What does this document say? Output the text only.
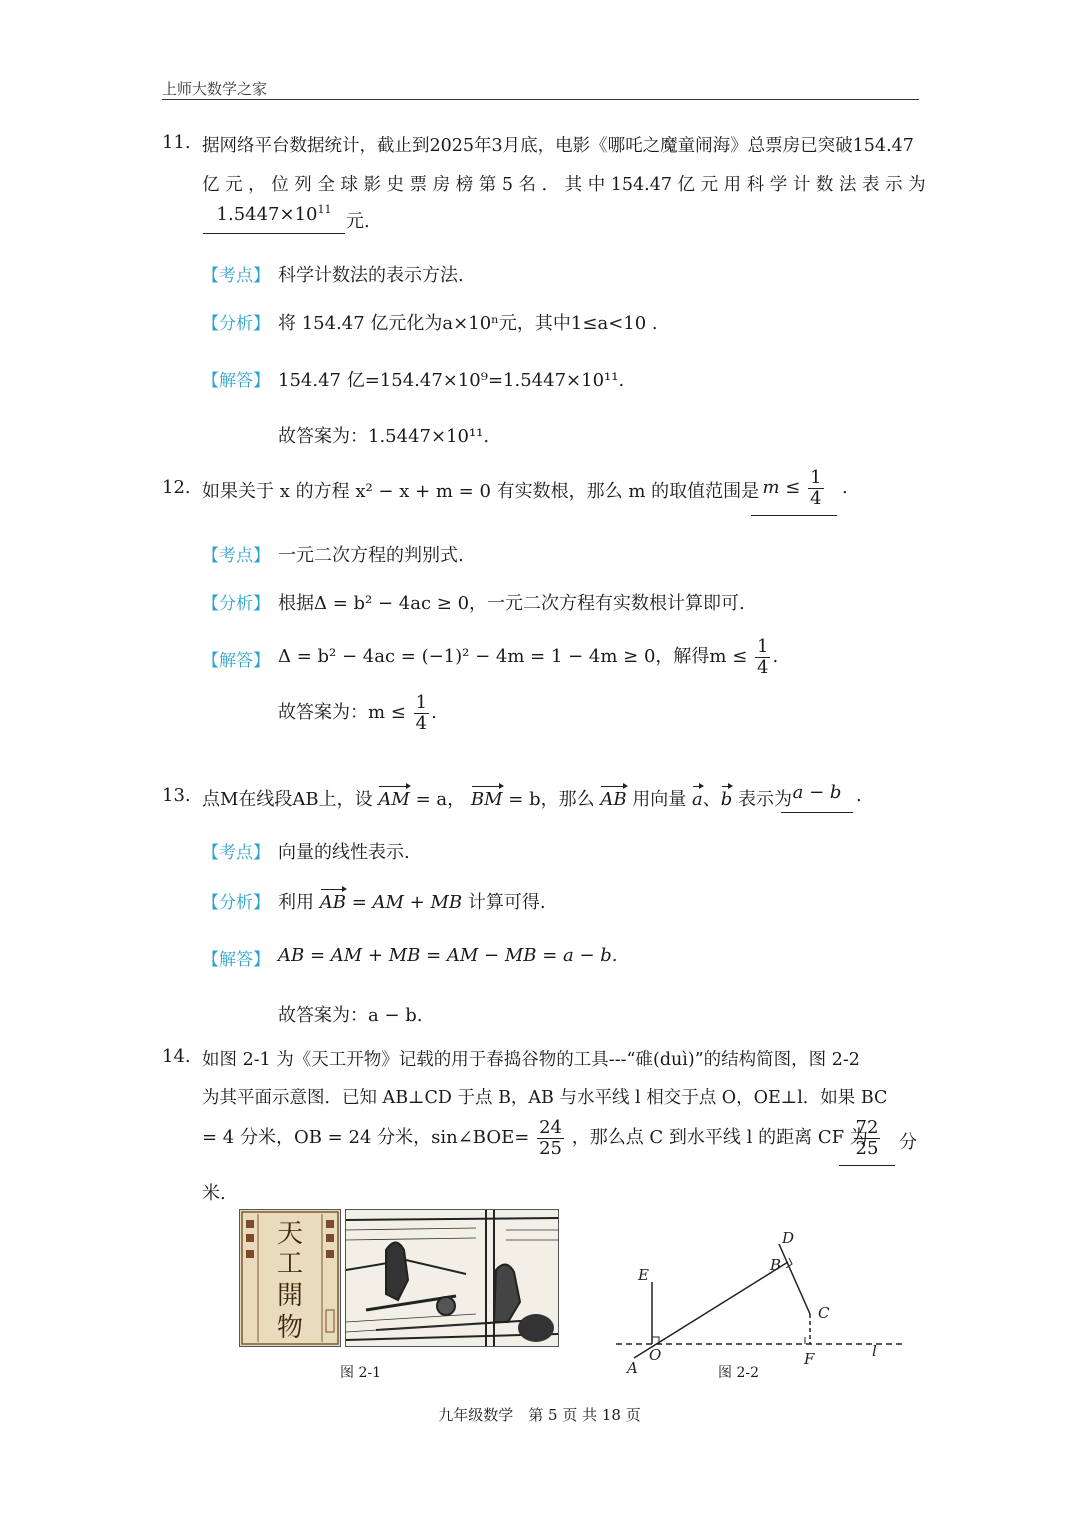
上师大数学之家
11. 据网络平台数据统计，截止到2025年3月底，电影《哪吒之魔童闹海》总票房已突破154.47
亿 元 ， 位 列 全 球 影 史 票 房 榜 第 5 名 ． 其 中 154.47 亿 元 用 科 学 计 数 法 表 示 为
$1.5447\times 10^{11}$
元.
【考点】 科学计数法的表示方法.
【分析】 将 154.47 亿元化为a×10ⁿ元，其中1≤a<10 .
【解答】 154.47 亿=154.47×10⁹=1.5447×10¹¹.
故答案为：1.5447×10¹¹.
12. 如果关于 x 的方程 x² − x + m = 0 有实数根，那么 m 的取值范围是 $m \le \frac{1}{4}$ .
【考点】 一元二次方程的判别式.
【分析】 根据Δ = b² − 4ac ≥ 0，一元二次方程有实数根计算即可.
【解答】 Δ = b² − 4ac = (−1)² − 4m = 1 − 4m ≥ 0，解得$m \le \frac{1}{4}$ .
故答案为：$m \le \frac{1}{4}$ .
13. 点M在线段AB上，设 AM = a， BM = b，那么 AB 用向量 a、b 表示为 a − b .
【考点】 向量的线性表示.
【分析】 利用 AB = AM + MB 计算可得.
【解答】 AB = AM + MB = AM − MB = a − b.
故答案为：a − b.
14. 如图 2-1 为《天工开物》记载的用于春捣谷物的工具---“碓(duì)”的结构简图，图 2-2
为其平面示意图．已知 AB⊥CD 于点 B，AB 与水平线 l 相交于点 O，OE⊥l．如果 BC
= 4 分米，OB = 24 分米，sin∠BOE= $\frac{24}{25}$ ，那么点 C 到水平线 l 的距离 CF 为
$\frac{72}{25}$ 分
米.
天
工
開
物
图 2-1
D
B
E
C
O
A	F	l
图 2-2
九年级数学　第 5 页 共 18 页
